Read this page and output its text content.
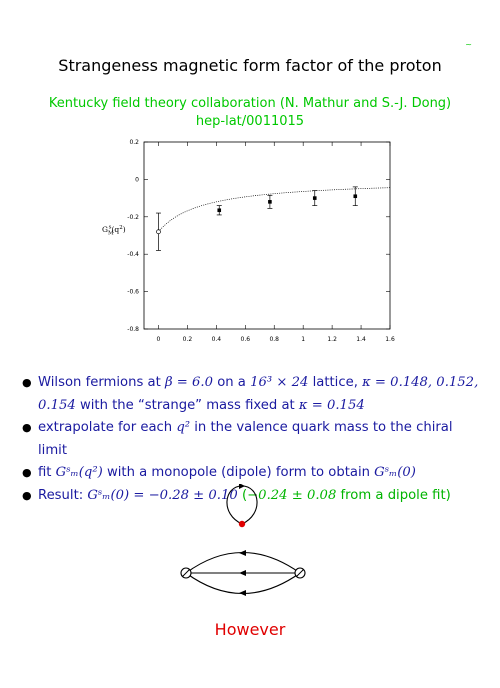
~
Strangeness magnetic form factor of the proton
Kentucky field theory collaboration (N. Mathur and S.-J. Dong)
hep-lat/0011015
0	0.2	0.4	0.6	0.8	1	1.2	1.4	1.6
0.2
0
-0.2
-0.4
-0.6
-0.8
$G_Ms(q^2)$
● Wilson fermions at β = 6.0 on a 16³ × 24 lattice, κ = 0.148, 0.152,
0.154 with the “strange” mass fixed at κ = 0.154
● extrapolate for each q² in the valence quark mass to the chiral limit
● fit Gˢₘ(q²) with a monopole (dipole) form to obtain Gˢₘ(0)
● Result: Gˢₘ(0) = −0.28 ± 0.10 (−0.24 ± 0.08 from a dipole fit)
However
